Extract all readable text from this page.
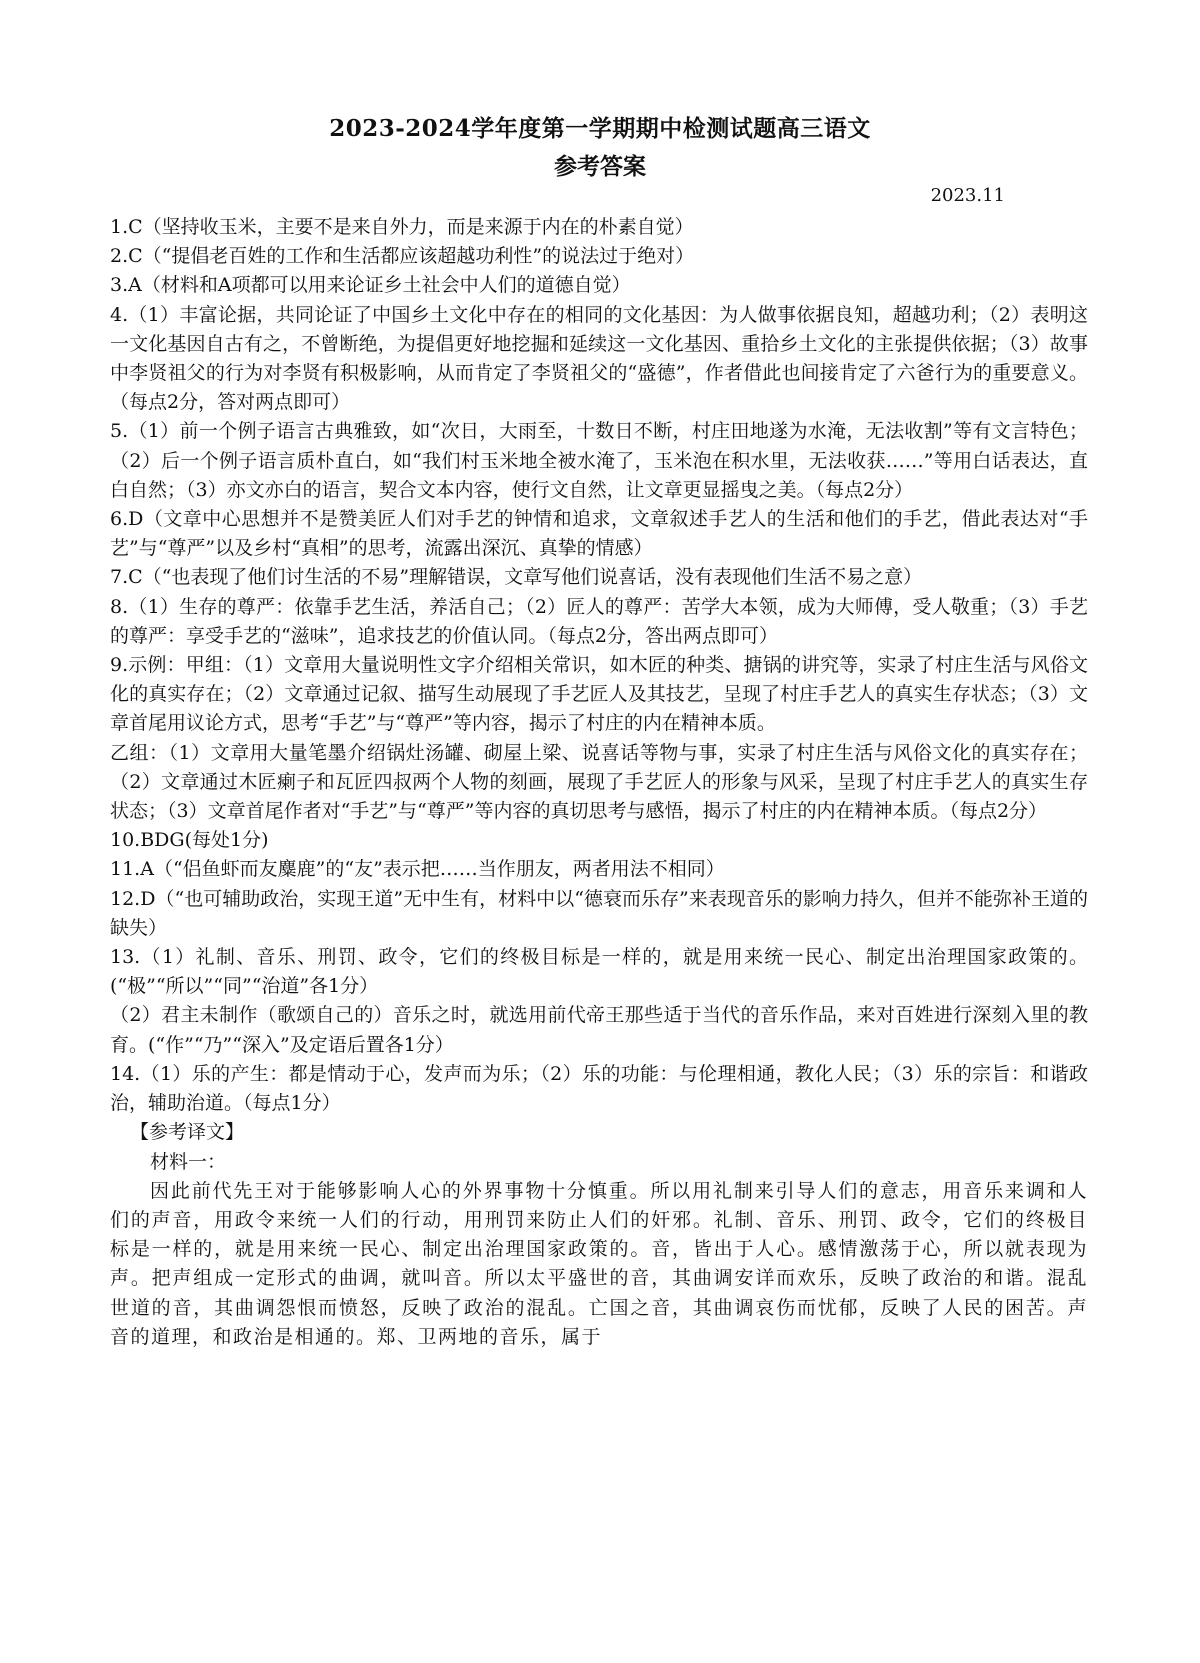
2023-2024学年度第一学期期中检测试题高三语文
参考答案
2023.11

1.C（坚持收玉米，主要不是来自外力，而是来源于内在的朴素自觉）

2.C（“提倡老百姓的工作和生活都应该超越功利性”的说法过于绝对）

3.A（材料和A项都可以用来论证乡土社会中人们的道德自觉）

4.（1）丰富论据，共同论证了中国乡土文化中存在的相同的文化基因：为人做事依据良知，超越功利；（2）表明这一文化基因自古有之，不曾断绝，为提倡更好地挖掘和延续这一文化基因、重拾乡土文化的主张提供依据；（3）故事中李贤祖父的行为对李贤有积极影响，从而肯定了李贤祖父的“盛德”，作者借此也间接肯定了六爸行为的重要意义。（每点2分，答对两点即可）

5.（1）前一个例子语言古典雅致，如“次日，大雨至，十数日不断，村庄田地遂为水淹，无法收割”等有文言特色；（2）后一个例子语言质朴直白，如“我们村玉米地全被水淹了，玉米泡在积水里，无法收获……”等用白话表达，直白自然；（3）亦文亦白的语言，契合文本内容，使行文自然，让文章更显摇曳之美。（每点2分）

6.D（文章中心思想并不是赞美匠人们对手艺的钟情和追求，文章叙述手艺人的生活和他们的手艺，借此表达对“手艺”与“尊严”以及乡村“真相”的思考，流露出深沉、真挚的情感）

7.C（“也表现了他们讨生活的不易”理解错误，文章写他们说喜话，没有表现他们生活不易之意）

8.（1）生存的尊严：依靠手艺生活，养活自己；（2）匠人的尊严：苦学大本领，成为大师傅，受人敬重；（3）手艺的尊严：享受手艺的“滋味”，追求技艺的价值认同。（每点2分，答出两点即可）

9.示例：甲组：（1）文章用大量说明性文字介绍相关常识，如木匠的种类、搪锅的讲究等，实录了村庄生活与风俗文化的真实存在；（2）文章通过记叙、描写生动展现了手艺匠人及其技艺，呈现了村庄手艺人的真实生存状态；（3）文章首尾用议论方式，思考“手艺”与“尊严”等内容，揭示了村庄的内在精神本质。

乙组：（1）文章用大量笔墨介绍锅灶汤罐、砌屋上梁、说喜话等物与事，实录了村庄生活与风俗文化的真实存在；（2）文章通过木匠瘌子和瓦匠四叔两个人物的刻画，展现了手艺匠人的形象与风采，呈现了村庄手艺人的真实生存状态；（3）文章首尾作者对“手艺”与“尊严”等内容的真切思考与感悟，揭示了村庄的内在精神本质。（每点2分）

10.BDG(每处1分)

11.A（“侣鱼虾而友麋鹿”的“友”表示把……当作朋友，两者用法不相同）

12.D（“也可辅助政治，实现王道”无中生有，材料中以“德衰而乐存”来表现音乐的影响力持久，但并不能弥补王道的缺失）

13.（1）礼制、音乐、刑罚、政令，它们的终极目标是一样的，就是用来统一民心、制定出治理国家政策的。(“极”“所以”“同”“治道”各1分）

（2）君主未制作（歌颂自己的）音乐之时，就选用前代帝王那些适于当代的音乐作品，来对百姓进行深刻入里的教育。(“作”“乃”“深入”及定语后置各1分）

14.（1）乐的产生：都是情动于心，发声而为乐；（2）乐的功能：与伦理相通，教化人民；（3）乐的宗旨：和谐政治，辅助治道。（每点1分）

【参考译文】

材料一：

因此前代先王对于能够影响人心的外界事物十分慎重。所以用礼制来引导人们的意志，用音乐来调和人们的声音，用政令来统一人们的行动，用刑罚来防止人们的奸邪。礼制、音乐、刑罚、政令，它们的终极目标是一样的，就是用来统一民心、制定出治理国家政策的。音，皆出于人心。感情激荡于心，所以就表现为声。把声组成一定形式的曲调，就叫音。所以太平盛世的音，其曲调安详而欢乐，反映了政治的和谐。混乱世道的音，其曲调怨恨而愤怒，反映了政治的混乱。亡国之音，其曲调哀伤而忧郁，反映了人民的困苦。声音的道理，和政治是相通的。郑、卫两地的音乐，属于
